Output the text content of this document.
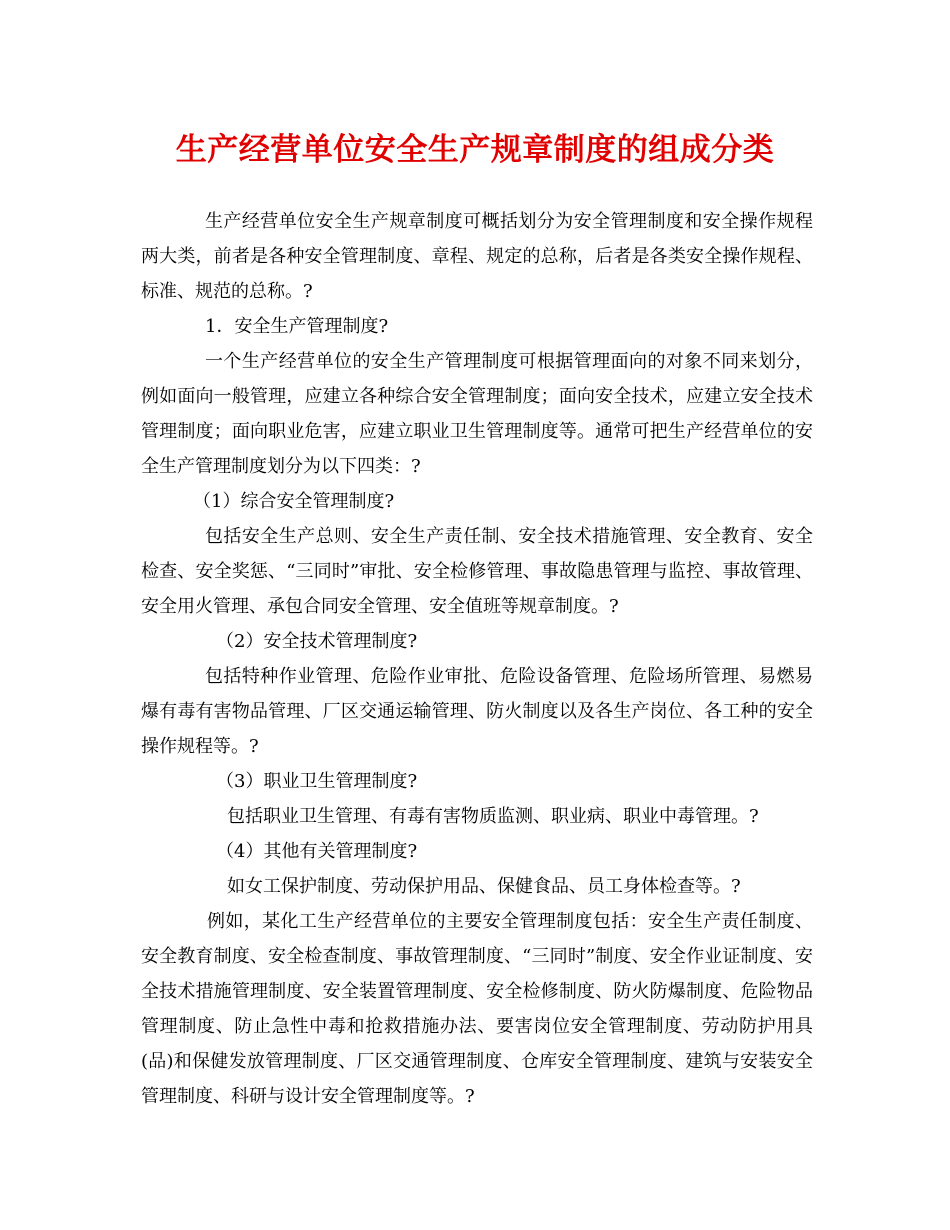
生产经营单位安全生产规章制度的组成分类

生产经营单位安全生产规章制度可概括划分为安全管理制度和安全操作规程两大类，前者是各种安全管理制度、章程、规定的总称，后者是各类安全操作规程、标准、规范的总称。?

1．安全生产管理制度?

一个生产经营单位的安全生产管理制度可根据管理面向的对象不同来划分，例如面向一般管理，应建立各种综合安全管理制度；面向安全技术，应建立安全技术管理制度；面向职业危害，应建立职业卫生管理制度等。通常可把生产经营单位的安全生产管理制度划分为以下四类：?

（1）综合安全管理制度?

包括安全生产总则、安全生产责任制、安全技术措施管理、安全教育、安全检查、安全奖惩、“三同时”审批、安全检修管理、事故隐患管理与监控、事故管理、安全用火管理、承包合同安全管理、安全值班等规章制度。?

（2）安全技术管理制度?

包括特种作业管理、危险作业审批、危险设备管理、危险场所管理、易燃易爆有毒有害物品管理、厂区交通运输管理、防火制度以及各生产岗位、各工种的安全操作规程等。?

（3）职业卫生管理制度?

包括职业卫生管理、有毒有害物质监测、职业病、职业中毒管理。?

（4）其他有关管理制度?

如女工保护制度、劳动保护用品、保健食品、员工身体检查等。?

例如，某化工生产经营单位的主要安全管理制度包括：安全生产责任制度、安全教育制度、安全检查制度、事故管理制度、“三同时”制度、安全作业证制度、安全技术措施管理制度、安全装置管理制度、安全检修制度、防火防爆制度、危险物品管理制度、防止急性中毒和抢救措施办法、要害岗位安全管理制度、劳动防护用具(品)和保健发放管理制度、厂区交通管理制度、仓库安全管理制度、建筑与安装安全管理制度、科研与设计安全管理制度等。?
